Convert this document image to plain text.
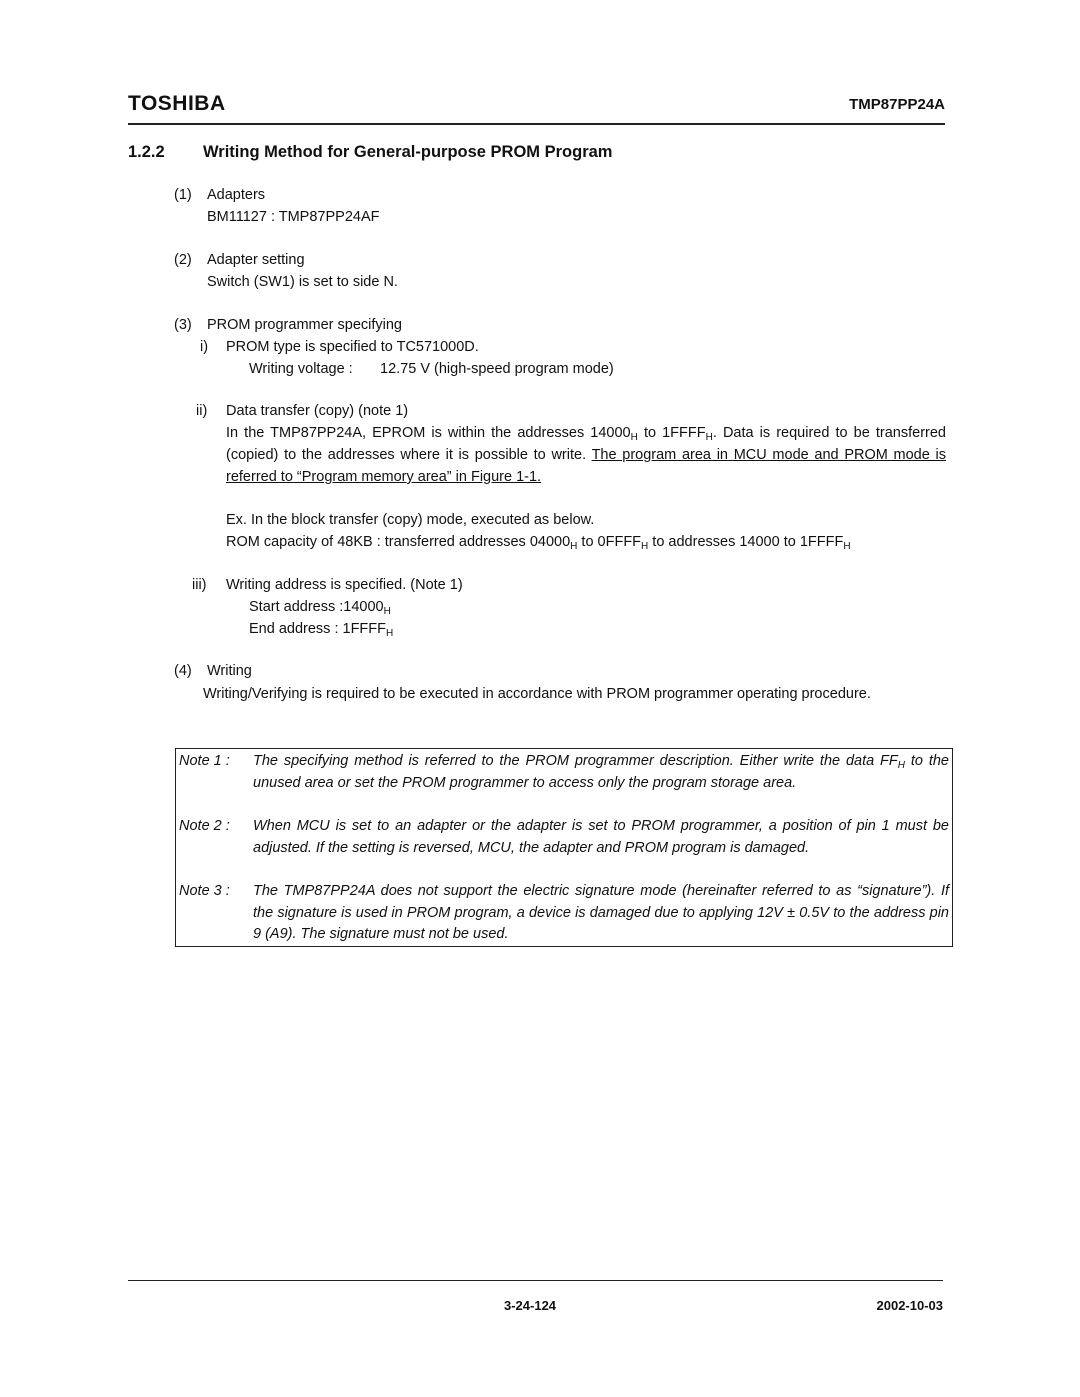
TOSHIBA	TMP87PP24A
1.2.2 Writing Method for General-purpose PROM Program
(1) Adapters
BM11127 : TMP87PP24AF
(2) Adapter setting
Switch (SW1) is set to side N.
(3) PROM programmer specifying
i) PROM type is specified to TC571000D.
Writing voltage : 12.75 V (high-speed program mode)
ii) Data transfer (copy) (note 1)
In the TMP87PP24A, EPROM is within the addresses $14000_H$ to $1FFFF_H$. Data is required to be transferred (copied) to the addresses where it is possible to write. The program area in MCU mode and PROM mode is referred to “Program memory area” in Figure 1-1.
Ex. In the block transfer (copy) mode, executed as below.
ROM capacity of 48KB : transferred addresses $04000_H$ to $0FFFF_H$ to addresses 14000 to $1FFFF_H$
iii) Writing address is specified. (Note 1)
Start address $:14000_H$
End address : $1FFFF_H$
(4) Writing
Writing/Verifying is required to be executed in accordance with PROM programmer operating procedure.
Note 1 : The specifying method is referred to the PROM programmer description. Either write the data $FF_H$ to the unused area or set the PROM programmer to access only the program storage area.
Note 2 : When MCU is set to an adapter or the adapter is set to PROM programmer, a position of pin 1 must be adjusted. If the setting is reversed, MCU, the adapter and PROM program is damaged.
Note 3 : The TMP87PP24A does not support the electric signature mode (hereinafter referred to as “signature”). If the signature is used in PROM program, a device is damaged due to applying 12V ± 0.5V to the address pin 9 (A9). The signature must not be used.
3-24-124	2002-10-03
